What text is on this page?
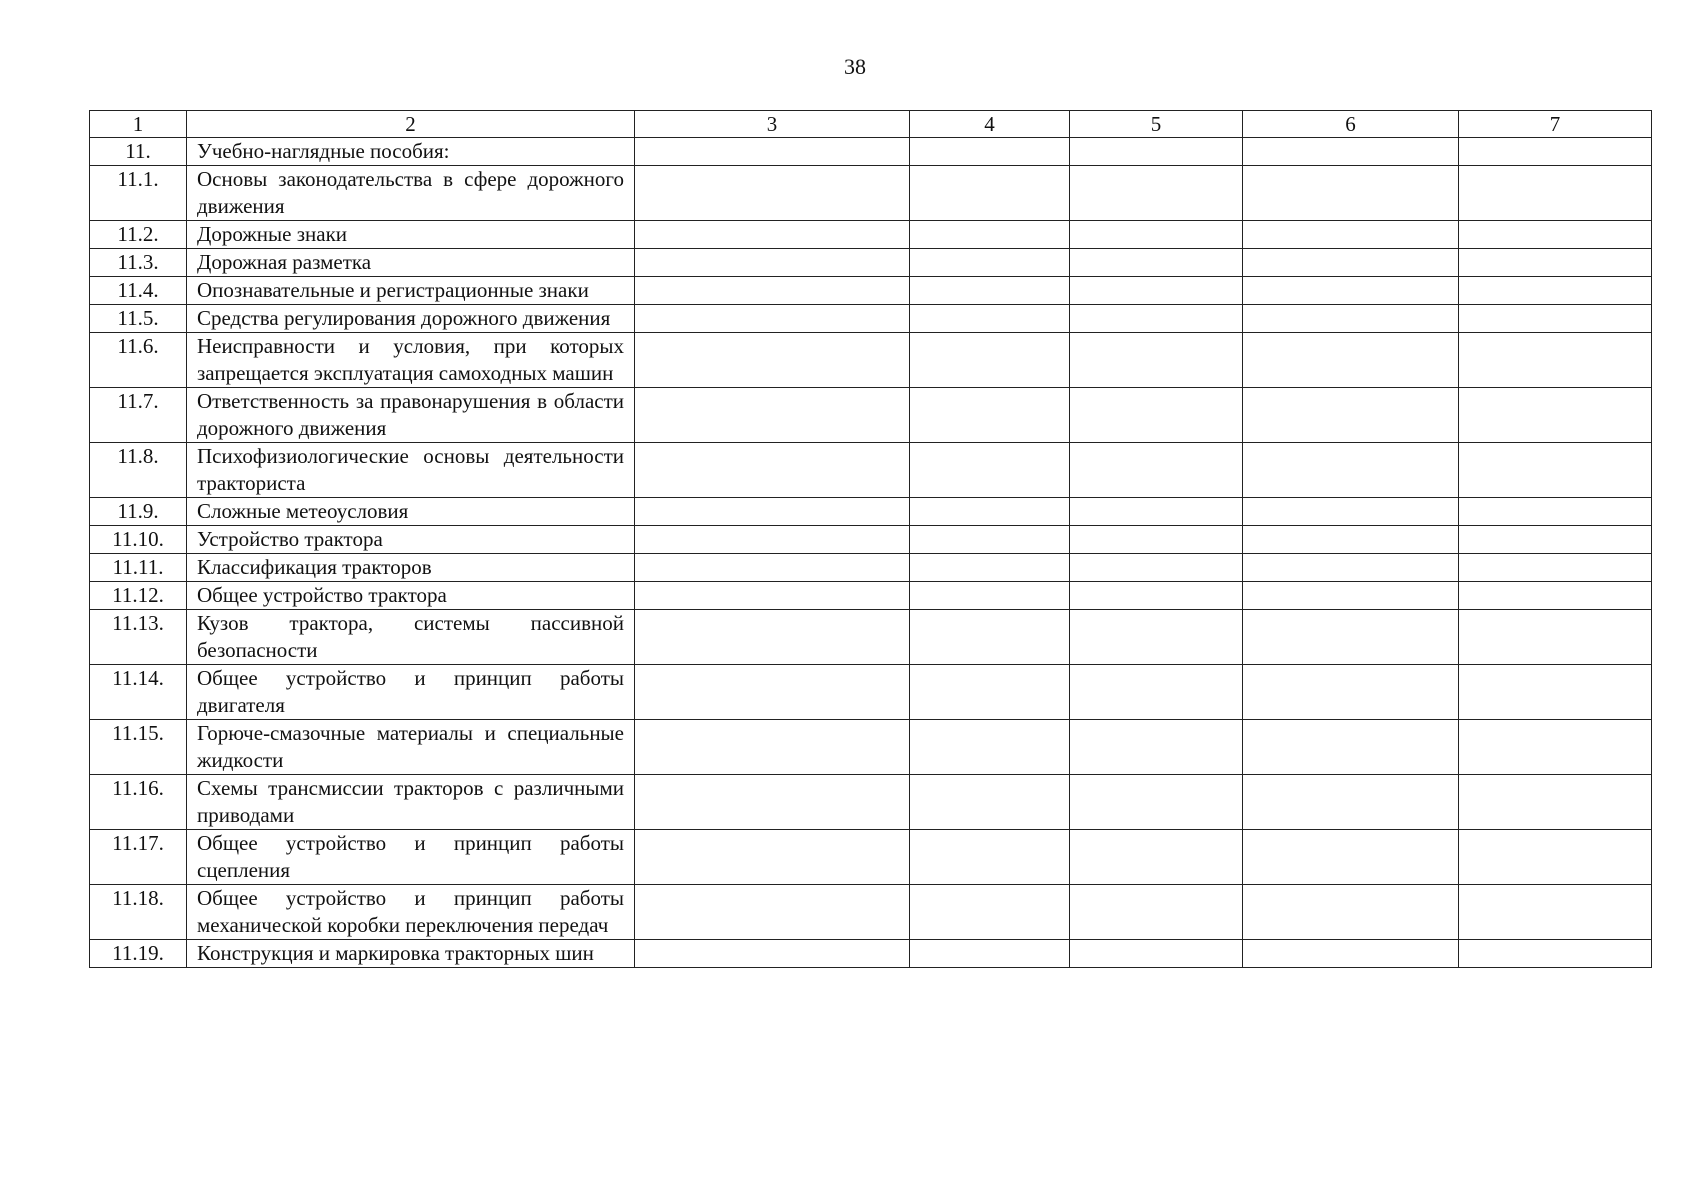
38
1	2	3	4	5	6	7
11.	Учебно-наглядные пособия:					
11.1.	Основы законодательства в сфере дорожного движения					
11.2.	Дорожные знаки					
11.3.	Дорожная разметка					
11.4.	Опознавательные и регистрационные знаки					
11.5.	Средства регулирования дорожного движения					
11.6.	Неисправности и условия, при которых запрещается эксплуатация самоходных машин					
11.7.	Ответственность за правонарушения в области дорожного движения					
11.8.	Психофизиологические основы деятельности тракториста					
11.9.	Сложные метеоусловия					
11.10.	Устройство трактора					
11.11.	Классификация тракторов					
11.12.	Общее устройство трактора					
11.13.	Кузов трактора, системы пассивной безопасности					
11.14.	Общее устройство и принцип работы двигателя					
11.15.	Горюче-смазочные материалы и специальные жидкости					
11.16.	Схемы трансмиссии тракторов с различными приводами					
11.17.	Общее устройство и принцип работы сцепления					
11.18.	Общее устройство и принцип работы механической коробки переключения передач					
11.19.	Конструкция и маркировка тракторных шин					
